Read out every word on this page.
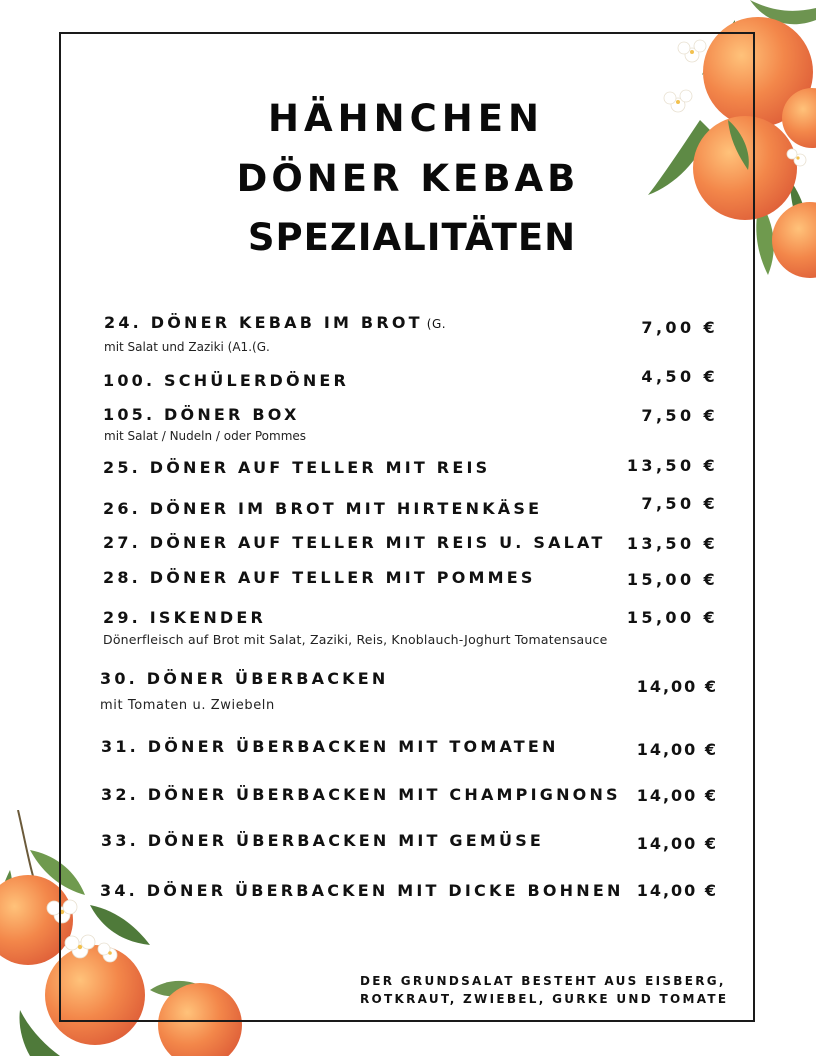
HÄHNCHEN
DÖNER KEBAB
SPEZIALITÄTEN
24. DÖNER KEBAB IM BROT (G.
mit Salat und Zaziki (A1.(G.
7,00 €
100. SCHÜLERDÖNER	4,50 €
105. DÖNER BOX
mit Salat / Nudeln / oder Pommes
7,50 €
25. DÖNER AUF TELLER MIT REIS	13,50 €
26. DÖNER IM BROT MIT HIRTENKÄSE	7,50 €
27. DÖNER AUF TELLER MIT REIS U. SALAT 13,50 €
28. DÖNER AUF TELLER MIT POMMES	15,00 €
29. ISKENDER
Dönerfleisch auf Brot mit Salat, Zaziki, Reis, Knoblauch-Joghurt Tomatensauce
15,00 €
30. DÖNER ÜBERBACKEN
mit Tomaten u. Zwiebeln
14,00 €
31. DÖNER ÜBERBACKEN MIT TOMATEN	14,00 €
32. DÖNER ÜBERBACKEN MIT CHAMPIGNONS 14,00 €
33. DÖNER ÜBERBACKEN MIT GEMÜSE	14,00 €
34. DÖNER ÜBERBACKEN MIT DICKE BOHNEN 14,00 €
DER GRUNDSALAT BESTEHT AUS EISBERG,
ROTKRAUT, ZWIEBEL, GURKE UND TOMATE
